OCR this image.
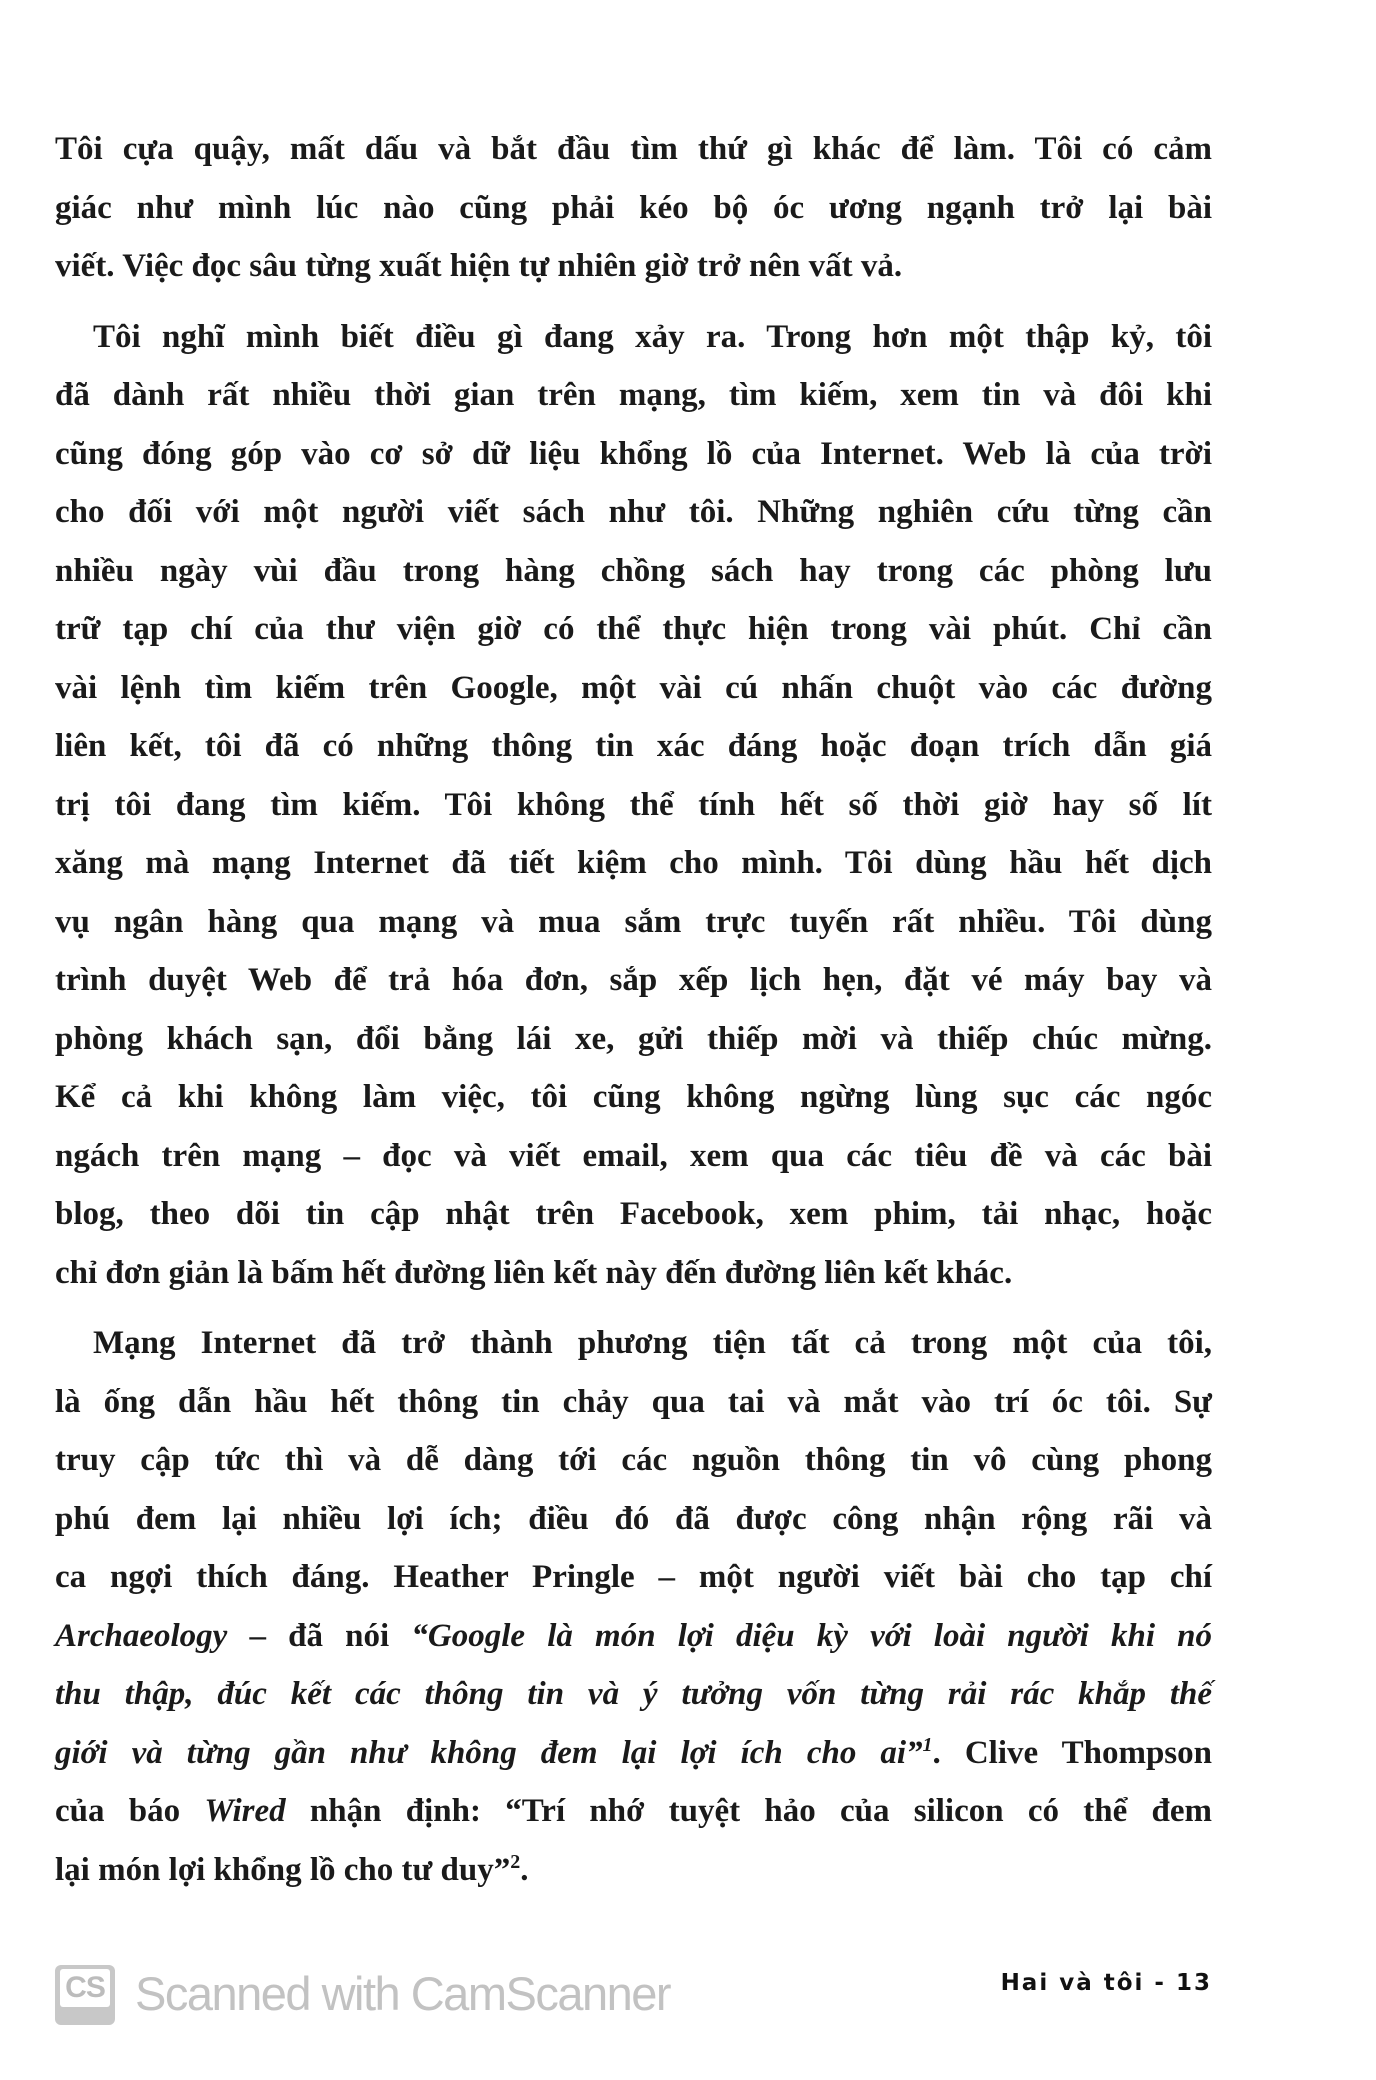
Tôi cựa quậy, mất dấu và bắt đầu tìm thứ gì khác để làm. Tôi có cảm
giác như mình lúc nào cũng phải kéo bộ óc ương ngạnh trở lại bài
viết. Việc đọc sâu từng xuất hiện tự nhiên giờ trở nên vất vả.
Tôi nghĩ mình biết điều gì đang xảy ra. Trong hơn một thập kỷ, tôi
đã dành rất nhiều thời gian trên mạng, tìm kiếm, xem tin và đôi khi
cũng đóng góp vào cơ sở dữ liệu khổng lồ của Internet. Web là của trời
cho đối với một người viết sách như tôi. Những nghiên cứu từng cần
nhiều ngày vùi đầu trong hàng chồng sách hay trong các phòng lưu
trữ tạp chí của thư viện giờ có thể thực hiện trong vài phút. Chỉ cần
vài lệnh tìm kiếm trên Google, một vài cú nhấn chuột vào các đường
liên kết, tôi đã có những thông tin xác đáng hoặc đoạn trích dẫn giá
trị tôi đang tìm kiếm. Tôi không thể tính hết số thời giờ hay số lít
xăng mà mạng Internet đã tiết kiệm cho mình. Tôi dùng hầu hết dịch
vụ ngân hàng qua mạng và mua sắm trực tuyến rất nhiều. Tôi dùng
trình duyệt Web để trả hóa đơn, sắp xếp lịch hẹn, đặt vé máy bay và
phòng khách sạn, đổi bằng lái xe, gửi thiếp mời và thiếp chúc mừng.
Kể cả khi không làm việc, tôi cũng không ngừng lùng sục các ngóc
ngách trên mạng – đọc và viết email, xem qua các tiêu đề và các bài
blog, theo dõi tin cập nhật trên Facebook, xem phim, tải nhạc, hoặc
chỉ đơn giản là bấm hết đường liên kết này đến đường liên kết khác.
Mạng Internet đã trở thành phương tiện tất cả trong một của tôi,
là ống dẫn hầu hết thông tin chảy qua tai và mắt vào trí óc tôi. Sự
truy cập tức thì và dễ dàng tới các nguồn thông tin vô cùng phong
phú đem lại nhiều lợi ích; điều đó đã được công nhận rộng rãi và
ca ngợi thích đáng. Heather Pringle – một người viết bài cho tạp chí
Archaeology – đã nói “Google là món lợi diệu kỳ với loài người khi nó
thu thập, đúc kết các thông tin và ý tưởng vốn từng rải rác khắp thế
giới và từng gần như không đem lại lợi ích cho ai”$^1$. Clive Thompson
của báo Wired nhận định: “Trí nhớ tuyệt hảo của silicon có thể đem
lại món lợi khổng lồ cho tư duy”$^2$.
CS Scanned with CamScanner	Hai và tôi - 13
